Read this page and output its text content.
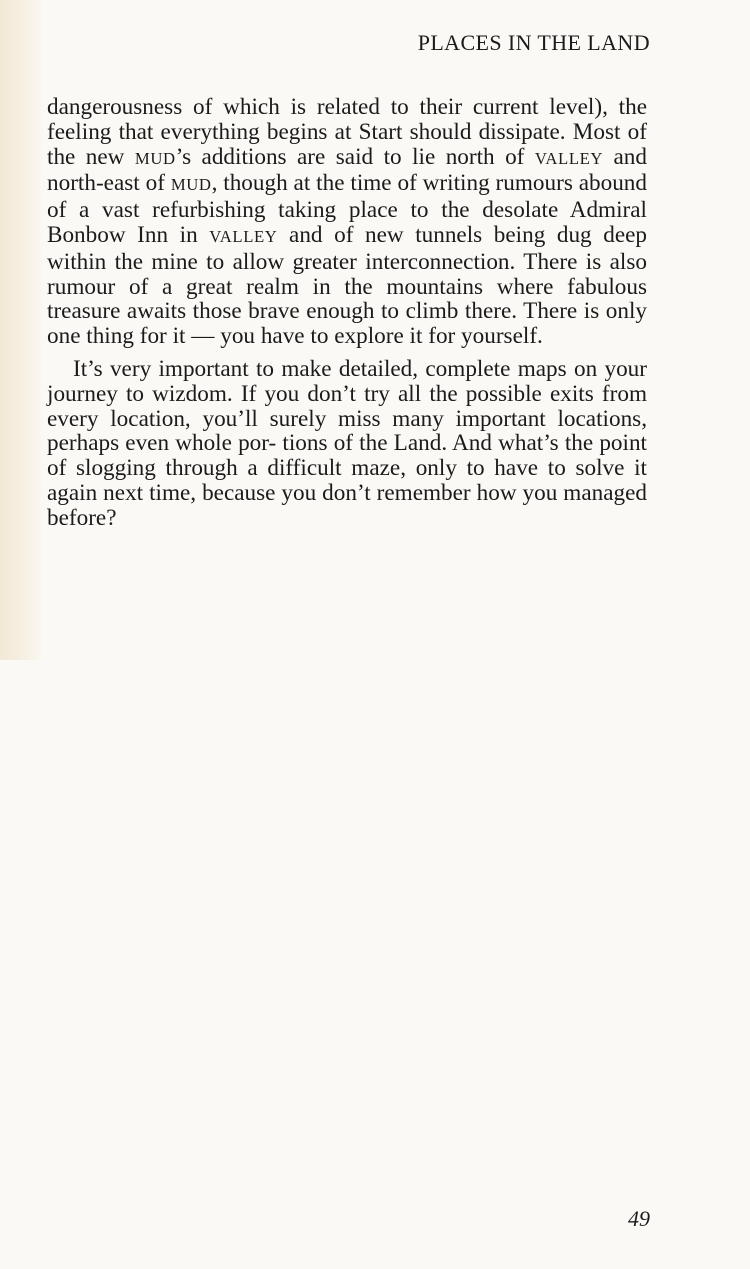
PLACES IN THE LAND

dangerousness of which is related to their current level), the feeling that everything begins at Start should dissipate. Most of the new MUD’s additions are said to lie north of VALLEY and north-east of MUD, though at the time of writing rumours abound of a vast refurbishing taking place to the desolate Admiral Bonbow Inn in VALLEY and of new tunnels being dug deep within the mine to allow greater interconnection. There is also rumour of a great realm in the mountains where fabulous treasure awaits those brave enough to climb there. There is only one thing for it — you have to explore it for yourself.

It’s very important to make detailed, complete maps on your journey to wizdom. If you don’t try all the possible exits from every location, you’ll surely miss many important locations, perhaps even whole por- tions of the Land. And what’s the point of slogging through a difficult maze, only to have to solve it again next time, because you don’t remember how you managed before?

49
